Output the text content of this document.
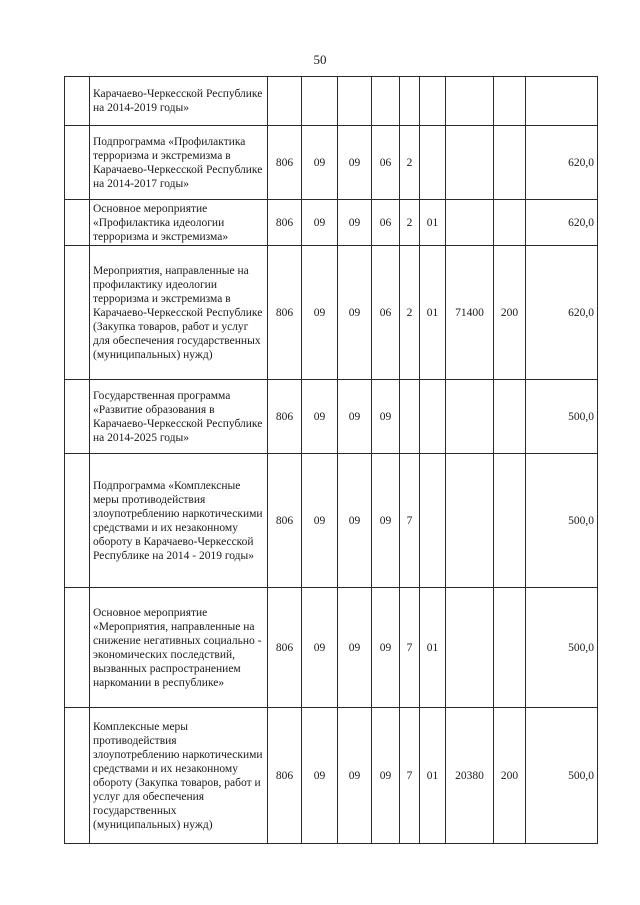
50
	Карачаево-Черкесской Республике на 2014-2019 годы»									
	Подпрограмма «Профилактика терроризма и экстремизма в Карачаево-Черкесской Республике на 2014-2017 годы»	806	09	09	06	2				620,0
	Основное мероприятие «Профилактика идеологии терроризма и экстремизма»	806	09	09	06	2	01			620,0
	Мероприятия, направленные на профилактику идеологии терроризма и экстремизма в Карачаево-Черкесской Республике (Закупка товаров, работ и услуг для обеспечения государственных (муниципальных) нужд)	806	09	09	06	2	01	71400	200	620,0
	Государственная программа «Развитие образования в Карачаево-Черкесской Республике на 2014-2025 годы»	806	09	09	09					500,0
	Подпрограмма «Комплексные меры противодействия злоупотреблению наркотическими средствами и их незаконному обороту в Карачаево-Черкесской Республике на 2014 - 2019 годы»	806	09	09	09	7				500,0
	Основное мероприятие «Мероприятия, направленные на снижение негативных социально - экономических последствий, вызванных распространением наркомании в республике»	806	09	09	09	7	01			500,0
	Комплексные меры противодействия злоупотреблению наркотическими средствами и их незаконному обороту (Закупка товаров, работ и услуг для обеспечения государственных (муниципальных) нужд)	806	09	09	09	7	01	20380	200	500,0
